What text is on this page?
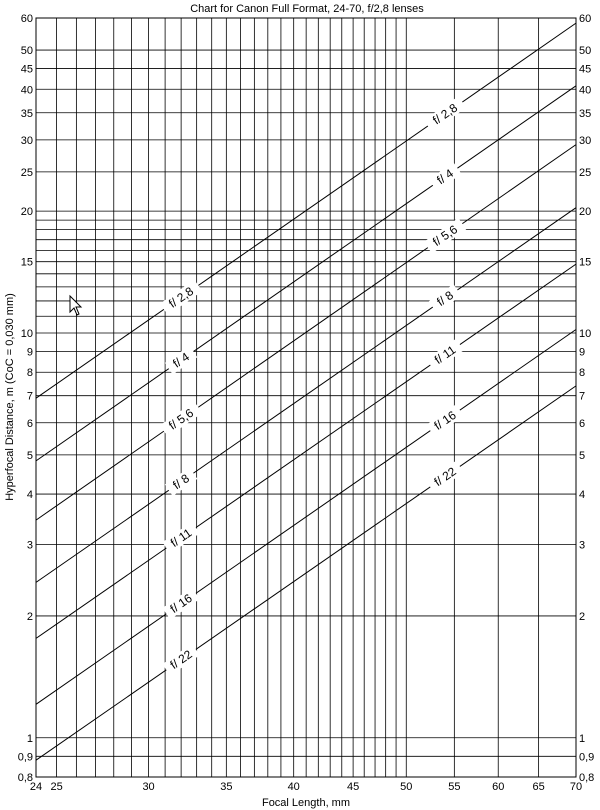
Chart for Canon Full Format, 24-70, f/2,8 lenses
f/ 2,8
f/ 4
f/ 5,6
f/ 8
f/ 11
f/ 16
f/ 22
f/ 2,8
f/ 4
f/ 5,6
f/ 8
f/ 11
f/ 16
f/ 22
24 25	30	35	40	45	50	55	60	65 70
0,8	0,8
0,9	0,9
1	1
2	2
3	3
4	4
5	5
6	6
7	7
8	8
9	9
10	10
15	15
20	20
25	25
30	30
35	35
40	40
45	45
50	50
60	60
Focal Length, mm
Hyperfocal Distance, m (CoC = 0,030 mm)
